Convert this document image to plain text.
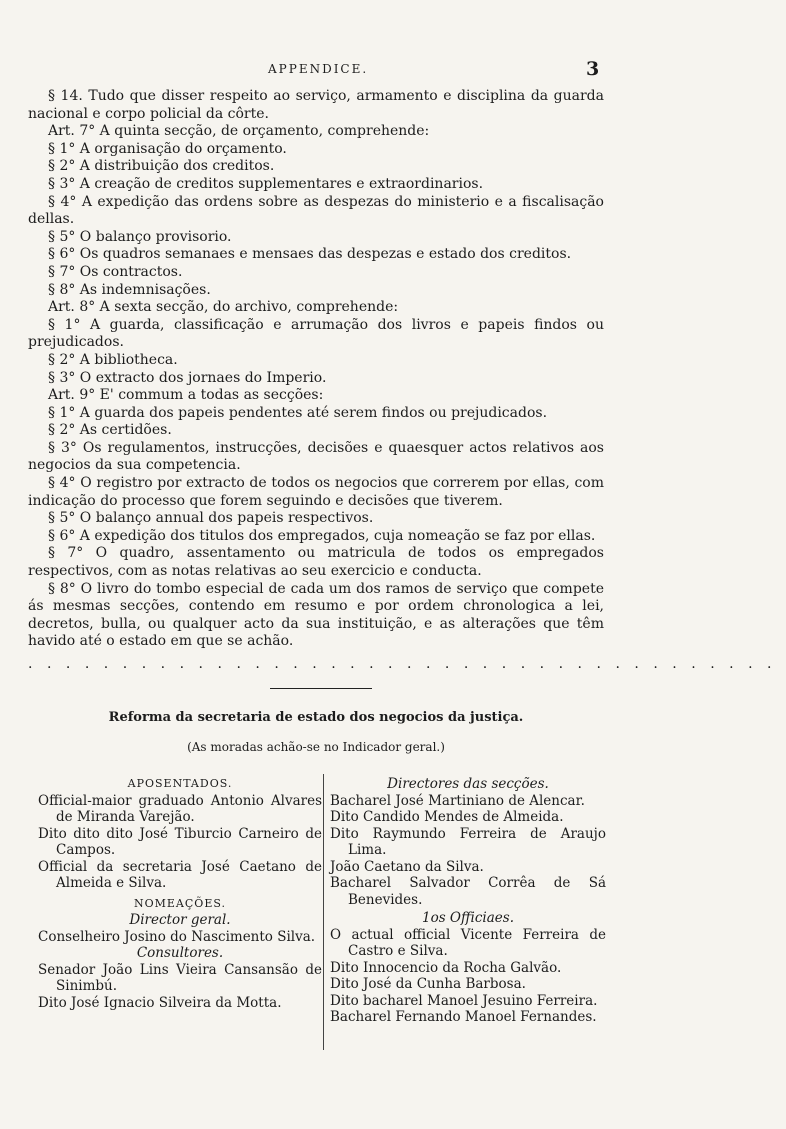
APPENDICE.	3

§ 14. Tudo que disser respeito ao serviço, armamento e disciplina da guarda nacional e corpo policial da côrte.

Art. 7° A quinta secção, de orçamento, comprehende:

§ 1° A organisação do orçamento.

§ 2° A distribuição dos creditos.

§ 3° A creação de creditos supplementares e extraordinarios.

§ 4° A expedição das ordens sobre as despezas do ministerio e a fiscalisação dellas.

§ 5° O balanço provisorio.

§ 6° Os quadros semanaes e mensaes das despezas e estado dos creditos.

§ 7° Os contractos.

§ 8° As indemnisações.

Art. 8° A sexta secção, do archivo, comprehende:

§ 1° A guarda, classificação e arrumação dos livros e papeis findos ou prejudicados.

§ 2° A bibliotheca.

§ 3° O extracto dos jornaes do Imperio.

Art. 9° E' commum a todas as secções:

§ 1° A guarda dos papeis pendentes até serem findos ou prejudicados.

§ 2° As certidões.

§ 3° Os regulamentos, instrucções, decisões e quaesquer actos relativos aos negocios da sua competencia.

§ 4° O registro por extracto de todos os negocios que correrem por ellas, com indicação do processo que forem seguindo e decisões que tiverem.

§ 5° O balanço annual dos papeis respectivos.

§ 6° A expedição dos titulos dos empregados, cuja nomeação se faz por ellas.

§ 7° O quadro, assentamento ou matricula de todos os empregados respectivos, com as notas relativas ao seu exercicio e conducta.

§ 8° O livro do tombo especial de cada um dos ramos de serviço que compete ás mesmas secções, contendo em resumo e por ordem chronologica a lei, decretos, bulla, ou qualquer acto da sua instituição, e as alterações que têm havido até o estado em que se achão.

........................................
Reforma da secretaria de estado dos negocios da justiça.
(As moradas achão-se no Indicador geral.)

APOSENTADOS.

Official-maior graduado Antonio Alvares de Miranda Varejão.

Dito dito dito José Tiburcio Carneiro de Campos.

Official da secretaria José Caetano de Almeida e Silva.

NOMEAÇÕES.

Director geral.

Conselheiro Josino do Nascimento Silva.

Consultores.

Senador João Lins Vieira Cansansão de Sinimbú.

Dito José Ignacio Silveira da Motta.

Directores das secções.

Bacharel José Martiniano de Alencar.

Dito Candido Mendes de Almeida.

Dito Raymundo Ferreira de Araujo Lima.

João Caetano da Silva.

Bacharel Salvador Corrêa de Sá Benevides.

1os Officiaes.

O actual official Vicente Ferreira de Castro e Silva.

Dito Innocencio da Rocha Galvão.

Dito José da Cunha Barbosa.

Dito bacharel Manoel Jesuino Ferreira.

Bacharel Fernando Manoel Fernandes.
